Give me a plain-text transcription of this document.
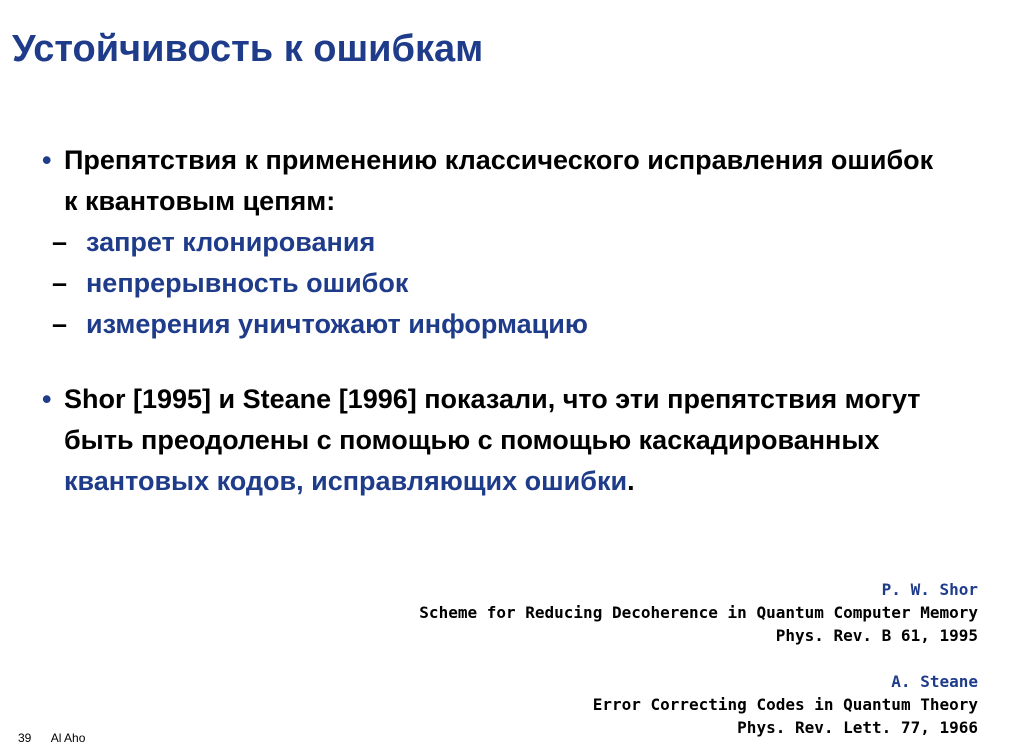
Устойчивость к ошибкам
• Препятствия к применению классического исправления ошибок к квантовым цепям:
– запрет клонирования
– непрерывность ошибок
– измерения уничтожают информацию
• Shor [1995] и Steane [1996] показали, что эти препятствия могут быть преодолены с помощью с помощью каскадированных квантовых кодов, исправляющих ошибки.
P. W. Shor
Scheme for Reducing Decoherence in Quantum Computer Memory
Phys. Rev. B 61, 1995
A. Steane
Error Correcting Codes in Quantum Theory
Phys. Rev. Lett. 77, 1966
39 Al Aho
